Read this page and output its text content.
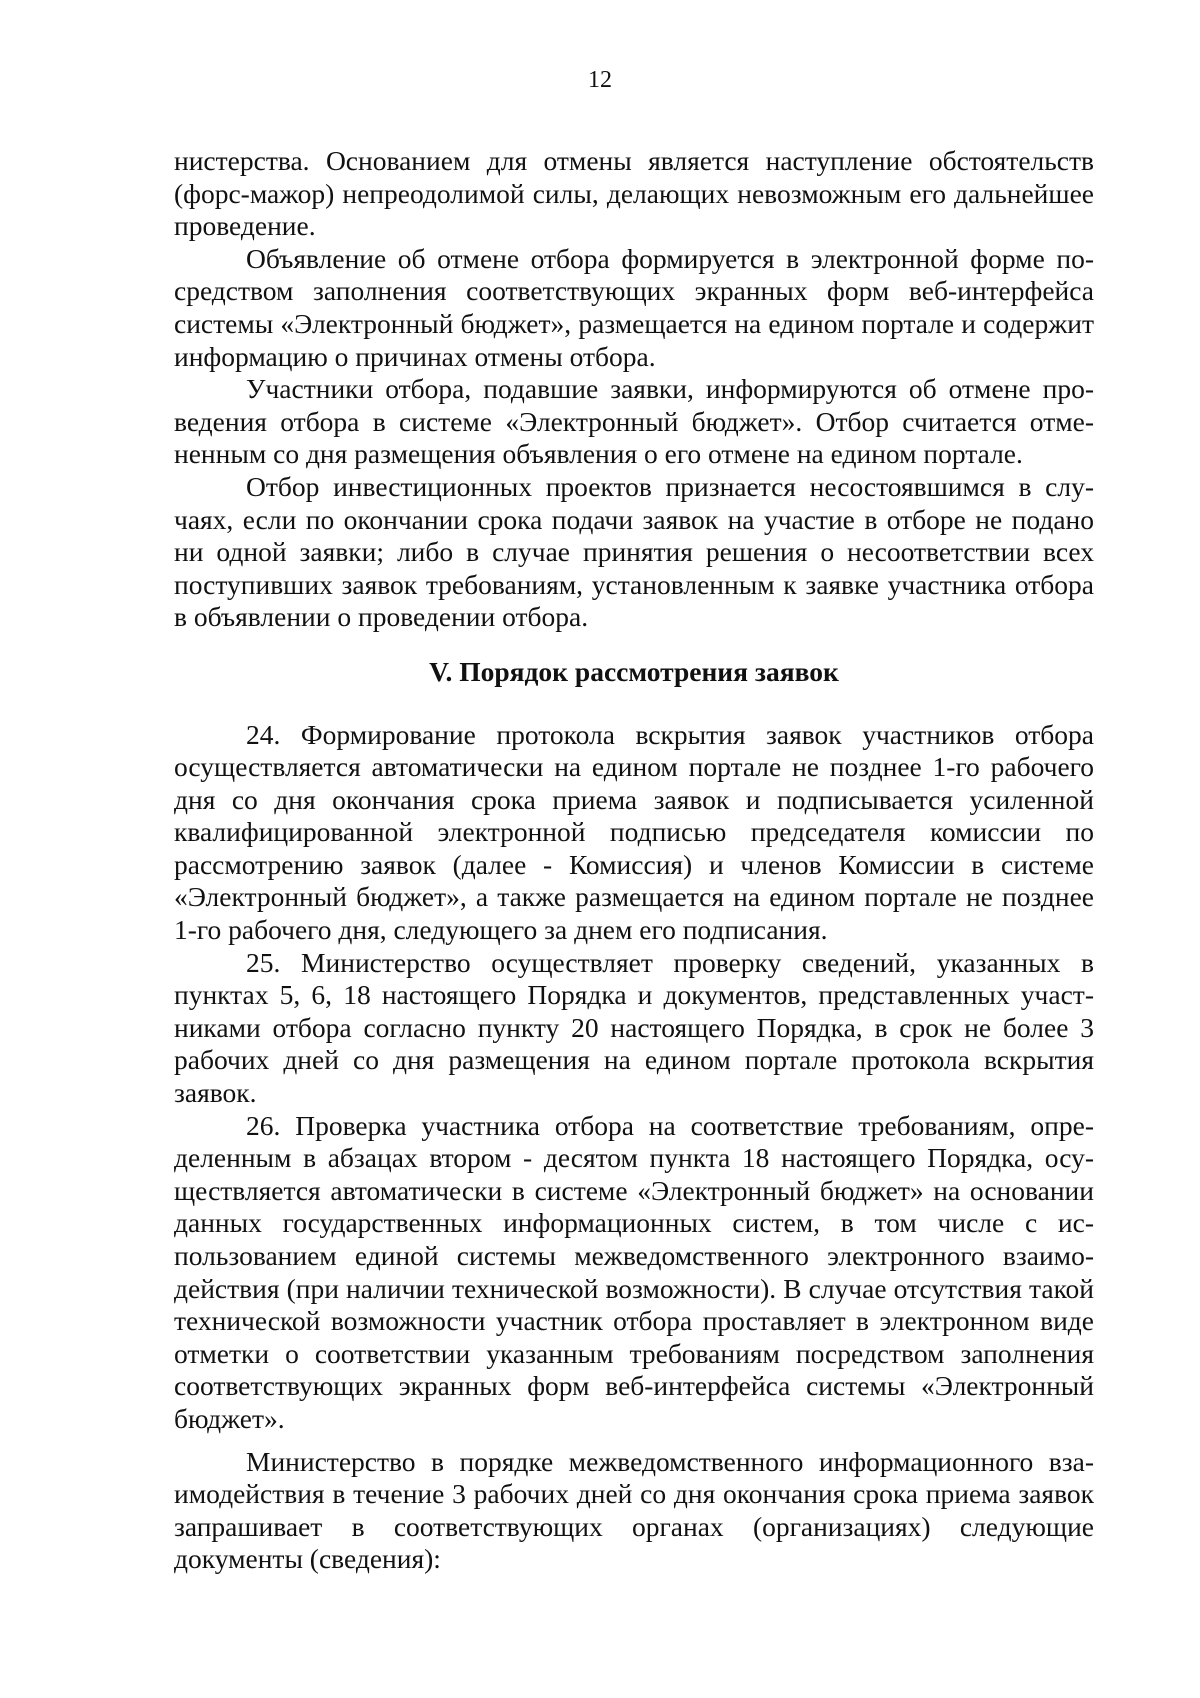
12

нистерства. Основанием для отмены является наступление обстоятельств (форс-мажор) непреодолимой силы, делающих невозможным его дальнейшее проведение.

Объявление об отмене отбора формируется в электронной форме посредством заполнения соответствующих экранных форм веб-интерфейса системы «Электронный бюджет», размещается на едином портале и содержит информацию о причинах отмены отбора.

Участники отбора, подавшие заявки, информируются об отмене проведения отбора в системе «Электронный бюджет». Отбор считается отмененным со дня размещения объявления о его отмене на едином портале.

Отбор инвестиционных проектов признается несостоявшимся в случаях, если по окончании срока подачи заявок на участие в отборе не подано ни одной заявки; либо в случае принятия решения о несоответствии всех поступивших заявок требованиям, установленным к заявке участника отбора в объявлении о проведении отбора.

V. Порядок рассмотрения заявок

24. Формирование протокола вскрытия заявок участников отбора осуществляется автоматически на едином портале не позднее 1-го рабочего дня со дня окончания срока приема заявок и подписывается усиленной квалифицированной электронной подписью председателя комиссии по рассмотрению заявок (далее - Комиссия) и членов Комиссии в системе «Электронный бюджет», а также размещается на едином портале не позднее 1-го рабочего дня, следующего за днем его подписания.

25. Министерство осуществляет проверку сведений, указанных в пунктах 5, 6, 18 настоящего Порядка и документов, представленных участниками отбора согласно пункту 20 настоящего Порядка, в срок не более 3 рабочих дней со дня размещения на едином портале протокола вскрытия заявок.

26. Проверка участника отбора на соответствие требованиям, определенным в абзацах втором - десятом пункта 18 настоящего Порядка, осуществляется автоматически в системе «Электронный бюджет» на основании данных государственных информационных систем, в том числе с использованием единой системы межведомственного электронного взаимодействия (при наличии технической возможности). В случае отсутствия такой технической возможности участник отбора проставляет в электронном виде отметки о соответствии указанным требованиям посредством заполнения соответствующих экранных форм веб-интерфейса системы «Электронный бюджет».

Министерство в порядке межведомственного информационного взаимодействия в течение 3 рабочих дней со дня окончания срока приема заявок запрашивает в соответствующих органах (организациях) следующие документы (сведения):
